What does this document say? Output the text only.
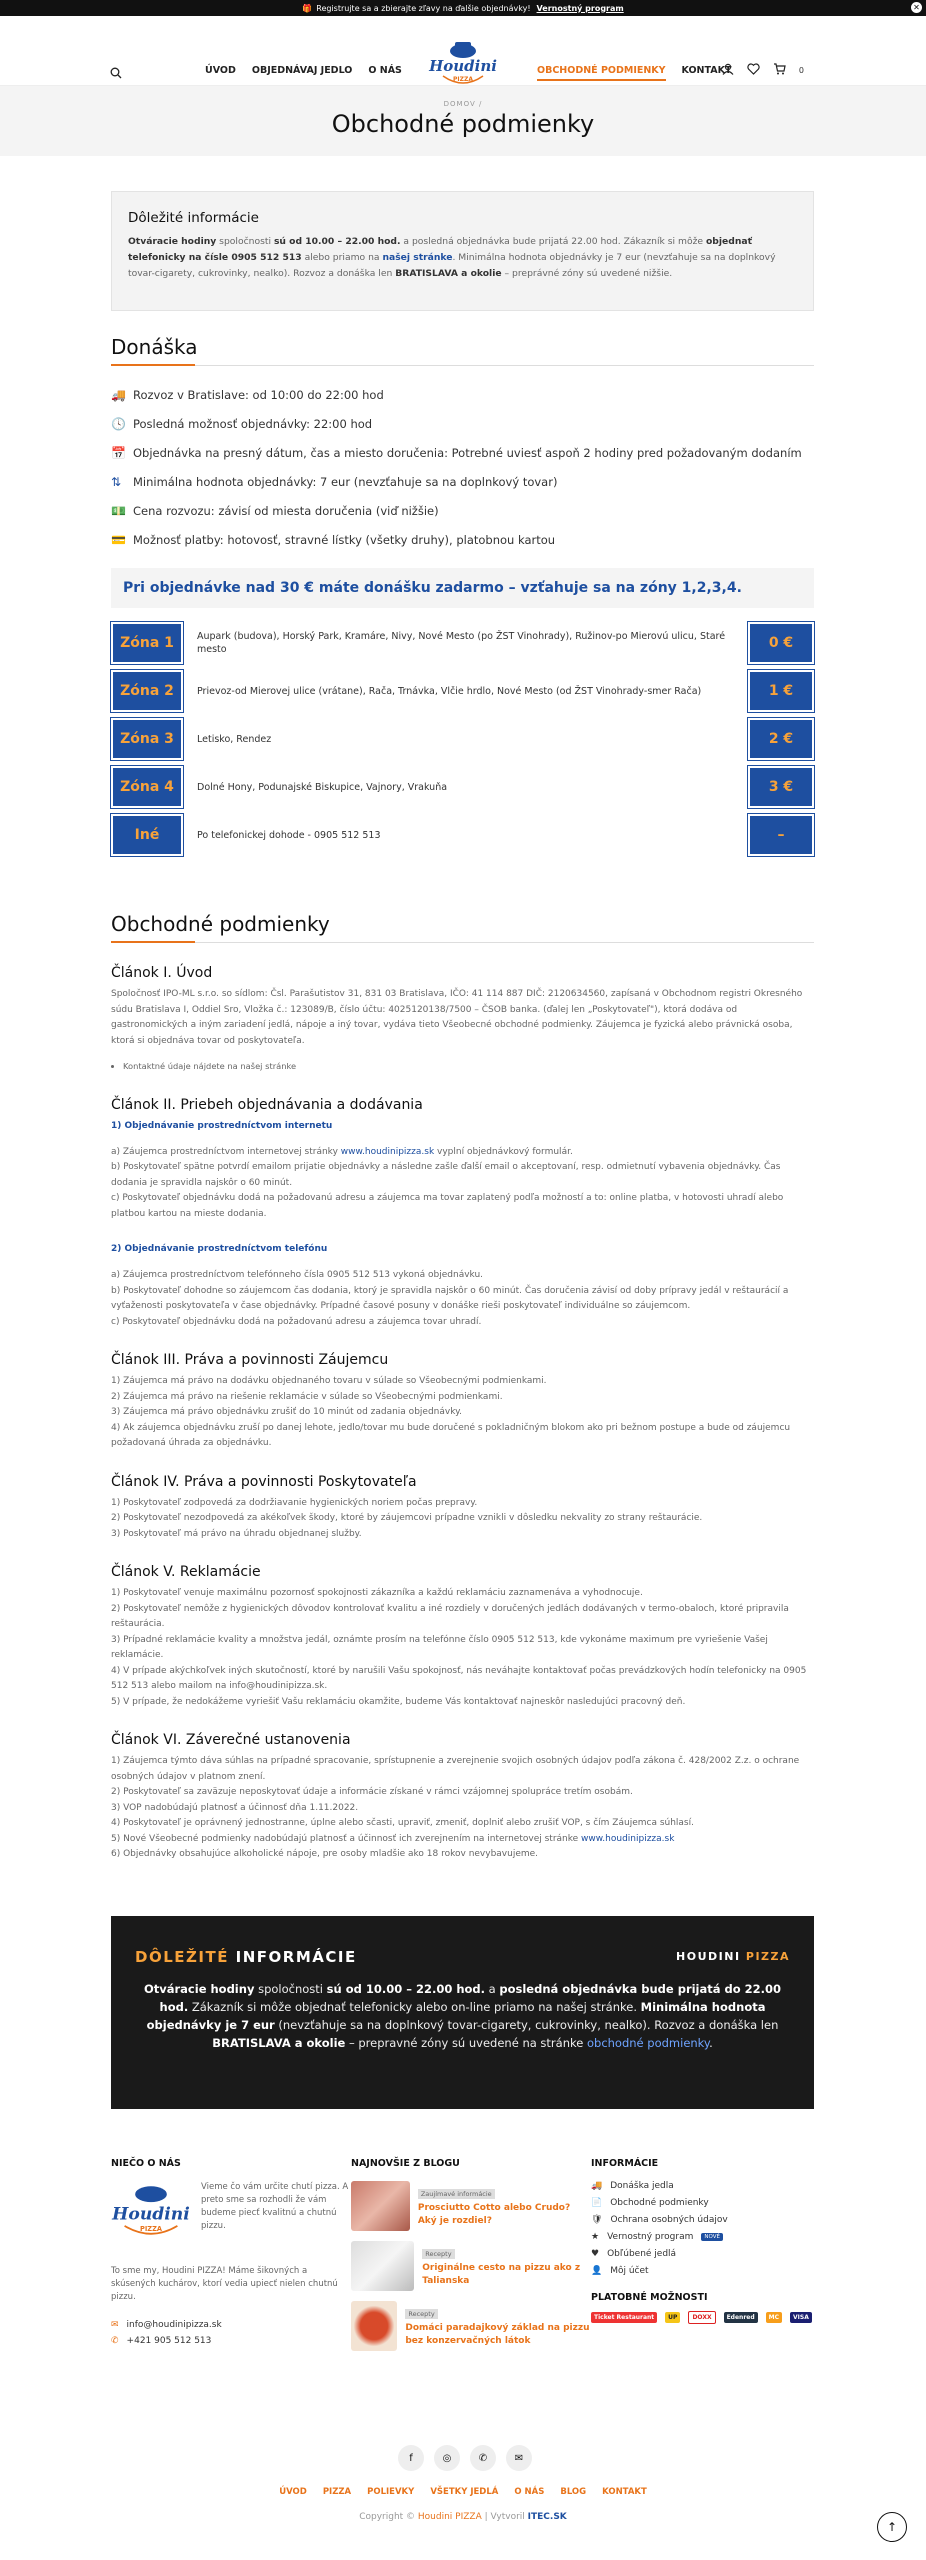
🎁 Registrujte sa a zbierajte zľavy na ďalšie objednávky! Vernostný program	✕
ÚVOD OBJEDNÁVAJ JEDLO O NÁS Houdini
PIZZA
OBCHODNÉ PODMIENKY KONTAKT	0
DOMOV /
Obchodné podmienky
Dôležité informácie

Otváracie hodiny spoločnosti sú od 10.00 – 22.00 hod. a posledná objednávka bude prijatá 22.00 hod. Zákazník si môže objednať telefonicky na čísle 0905 512 513 alebo priamo na našej stránke. Minimálna hodnota objednávky je 7 eur (nevzťahuje sa na doplnkový tovar-cigarety, cukrovinky, nealko). Rozvoz a donáška len BRATISLAVA a okolie – preprávné zóny sú uvedené nižšie.

Donáška
🚚 Rozvoz v Bratislave: od 10:00 do 22:00 hod
🕓 Posledná možnosť objednávky: 22:00 hod
📅 Objednávka na presný dátum, čas a miesto doručenia: Potrebné uviesť aspoň 2 hodiny pred požadovaným dodaním
⇅	Minimálna hodnota objednávky: 7 eur (nevzťahuje sa na doplnkový tovar)
💵 Cena rozvozu: závisí od miesta doručenia (viď nižšie)
💳 Možnosť platby: hotovosť, stravné lístky (všetky druhy), platobnou kartou
Pri objednávke nad 30 € máte donášku zadarmo – vzťahuje sa na zóny 1,2,3,4.
Zóna 1	Aupark (budova), Horský Park, Kramáre, Nivy, Nové Mesto (po ŽST Vinohrady), Ružinov-po Mierovú ulicu, Staré mesto	0 €
Zóna 2	Prievoz-od Mierovej ulice (vrátane), Rača, Trnávka, Vlčie hrdlo, Nové Mesto (od ŽST Vinohrady-smer Rača)	1 €
Zóna 3	Letisko, Rendez	2 €
Zóna 4	Dolné Hony, Podunajské Biskupice, Vajnory, Vrakuňa	3 €
Iné	Po telefonickej dohode - 0905 512 513	–
Obchodné podmienky
Článok I. Úvod

Spoločnosť IPO-ML s.r.o. so sídlom: Čsl. Parašutistov 31, 831 03 Bratislava, IČO: 41 114 887 DIČ: 2120634560, zapísaná v Obchodnom registri Okresného súdu Bratislava I, Oddiel Sro, Vložka č.: 123089/B, číslo účtu: 4025120138/7500 – ČSOB banka. (ďalej len „Poskytovateľ"), ktorá dodáva od gastronomických a iným zariadení jedlá, nápoje a iný tovar, vydáva tieto Všeobecné obchodné podmienky. Záujemca je fyzická alebo právnická osoba, ktorá si objednáva tovar od poskytovateľa.

• Kontaktné údaje nájdete na našej stránke
Článok II. Priebeh objednávania a dodávania
1) Objednávanie prostredníctvom internetu

a) Záujemca prostredníctvom internetovej stránky www.houdinipizza.sk vyplní objednávkový formulár.

b) Poskytovateľ spätne potvrdí emailom prijatie objednávky a následne zašle ďalší email o akceptovaní, resp. odmietnutí vybavenia objednávky. Čas dodania je spravidla najskôr o 60 minút.

c) Poskytovateľ objednávku dodá na požadovanú adresu a záujemca ma tovar zaplatený podľa možností a to: online platba, v hotovosti uhradí alebo platbou kartou na mieste dodania.

2) Objednávanie prostredníctvom telefónu

a) Záujemca prostredníctvom telefónneho čísla 0905 512 513 vykoná objednávku.

b) Poskytovateľ dohodne so záujemcom čas dodania, ktorý je spravidla najskôr o 60 minút. Čas doručenia závisí od doby prípravy jedál v reštaurácií a vyťaženosti poskytovateľa v čase objednávky. Prípadné časové posuny v donáške rieši poskytovateľ individuálne so záujemcom.

c) Poskytovateľ objednávku dodá na požadovanú adresu a záujemca tovar uhradí.

Článok III. Práva a povinnosti Záujemcu

1) Záujemca má právo na dodávku objednaného tovaru v súlade so Všeobecnými podmienkami.

2) Záujemca má právo na riešenie reklamácie v súlade so Všeobecnými podmienkami.

3) Záujemca má právo objednávku zrušiť do 10 minút od zadania objednávky.

4) Ak záujemca objednávku zruší po danej lehote, jedlo/tovar mu bude doručené s pokladničným blokom ako pri bežnom postupe a bude od záujemcu požadovaná úhrada za objednávku.

Článok IV. Práva a povinnosti Poskytovateľa

1) Poskytovateľ zodpovedá za dodržiavanie hygienických noriem počas prepravy.

2) Poskytovateľ nezodpovedá za akékoľvek škody, ktoré by záujemcovi prípadne vznikli v dôsledku nekvality zo strany reštaurácie.

3) Poskytovateľ má právo na úhradu objednanej služby.

Článok V. Reklamácie

1) Poskytovateľ venuje maximálnu pozornosť spokojnosti zákazníka a každú reklamáciu zaznamenáva a vyhodnocuje.

2) Poskytovateľ nemôže z hygienických dôvodov kontrolovať kvalitu a iné rozdiely v doručených jedlách dodávaných v termo-obaloch, ktoré pripravila reštaurácia.

3) Prípadné reklamácie kvality a množstva jedál, oznámte prosím na telefónne číslo 0905 512 513, kde vykonáme maximum pre vyriešenie Vašej reklamácie.

4) V prípade akýchkoľvek iných skutočností, ktoré by narušili Vašu spokojnosť, nás neváhajte kontaktovať počas prevádzkových hodín telefonicky na 0905 512 513 alebo mailom na info@houdinipizza.sk.

5) V prípade, že nedokážeme vyriešiť Vašu reklamáciu okamžite, budeme Vás kontaktovať najneskôr nasledujúci pracovný deň.

Článok VI. Záverečné ustanovenia

1) Záujemca týmto dáva súhlas na prípadné spracovanie, sprístupnenie a zverejnenie svojich osobných údajov podľa zákona č. 428/2002 Z.z. o ochrane osobných údajov v platnom znení.

2) Poskytovateľ sa zaväzuje neposkytovať údaje a informácie získané v rámci vzájomnej spolupráce tretím osobám.

3) VOP nadobúdajú platnosť a účinnosť dňa 1.11.2022.

4) Poskytovateľ je oprávnený jednostranne, úplne alebo sčasti, upraviť, zmeniť, doplniť alebo zrušiť VOP, s čím Záujemca súhlasí.

5) Nové Všeobecné podmienky nadobúdajú platnosť a účinnosť ich zverejnením na internetovej stránke www.houdinipizza.sk

6) Objednávky obsahujúce alkoholické nápoje, pre osoby mladšie ako 18 rokov nevybavujeme.

DÔLEŽITÉ INFORMÁCIE	HOUDINI PIZZA

Otváracie hodiny spoločnosti sú od 10.00 – 22.00 hod. a posledná objednávka bude prijatá do 22.00 hod. Zákazník si môže objednať telefonicky alebo on-line priamo na našej stránke. Minimálna hodnota objednávky je 7 eur (nevzťahuje sa na doplnkový tovar-cigarety, cukrovinky, nealko). Rozvoz a donáška len BRATISLAVA a okolie – prepravné zóny sú uvedené na stránke obchodné podmienky.

NIEČO O NÁS
Houdini
PIZZA
Vieme čo vám určite chutí pizza. A preto sme sa rozhodli že vám budeme piecť kvalitnú a chutnú pizzu.
To sme my, Houdini PIZZA! Máme šikovných a skúsených kuchárov, ktorí vedia upiecť nielen chutnú pizzu.
✉ info@houdinipizza.sk
✆ +421 905 512 513
NAJNOVŠIE Z BLOGU
Zaujímavé informácie
Prosciutto Cotto alebo Crudo? Aký je rozdiel?
Recepty
Originálne cesto na pizzu ako z Talianska
Recepty
Domáci paradajkový základ na pizzu bez konzervačných látok
INFORMÁCIE
🚚 Donáška jedla
📄 Obchodné podmienky
🛡 Ochrana osobných údajov
★ Vernostný program	NOVÉ
♥ Obľúbené jedlá
👤 Môj účet
PLATOBNÉ MOŽNOSTI
Ticket Restaurant	UP	DOXX	Edenred	MC	VISA
f	◎	✆	✉
ÚVOD PIZZA POLIEVKY VŠETKY JEDLÁ O NÁS BLOG KONTAKT
Copyright © Houdini PIZZA | Vytvoril ITEC.SK
↑
